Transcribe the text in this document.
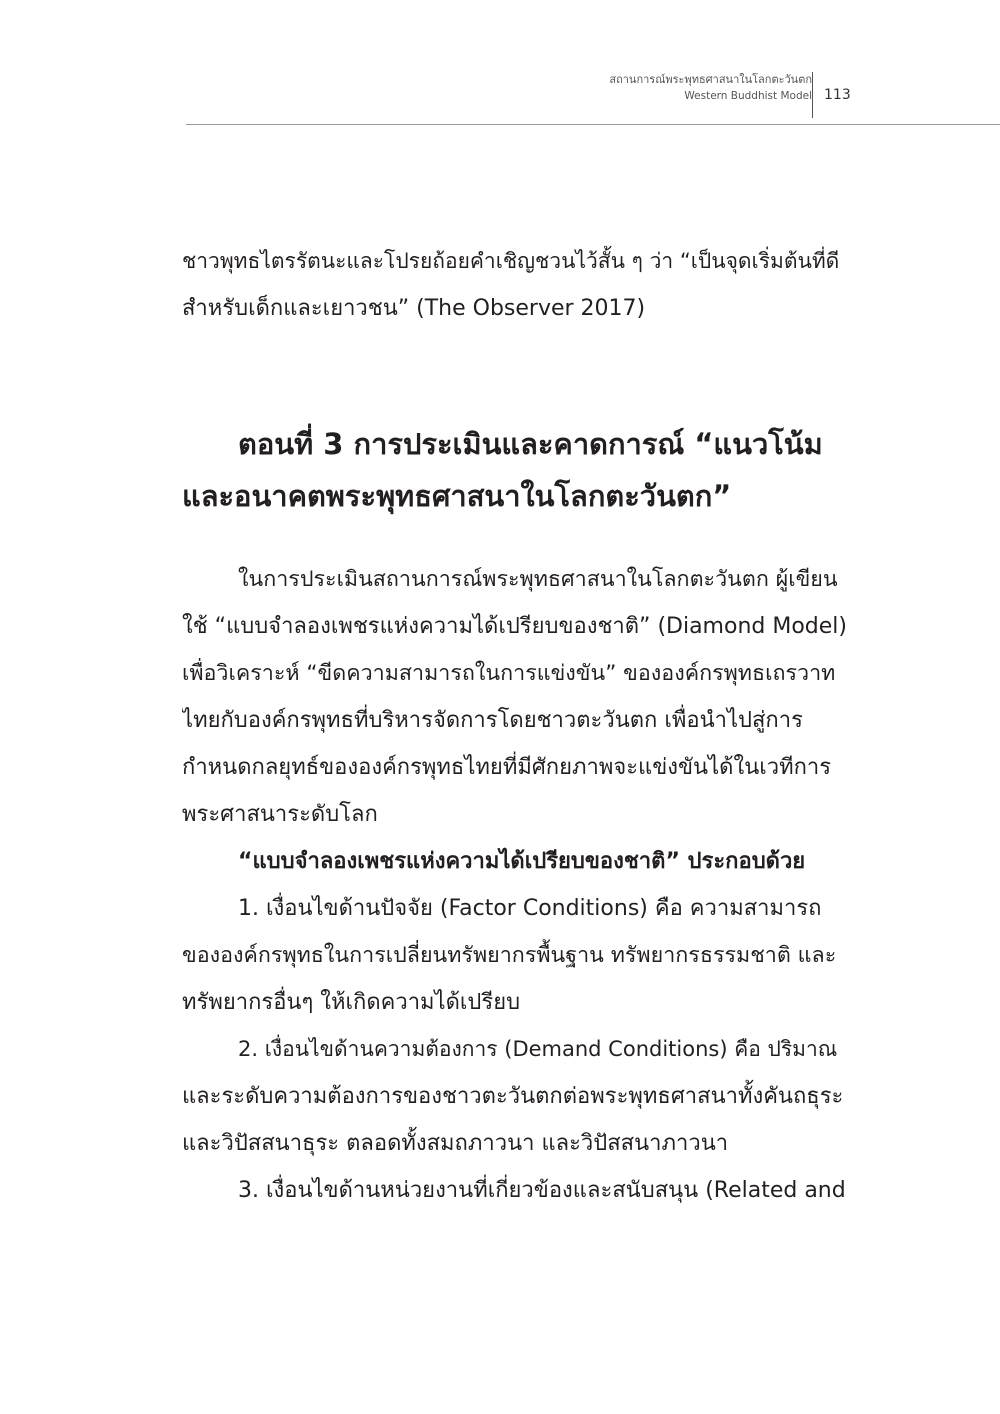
สถานการณ์พระพุทธศาสนาในโลกตะวันตก
Western Buddhist Model 113
ชาวพุทธไตรรัตนะและโปรยถ้อยคำเชิญชวนไว้สั้น ๆ ว่า “เป็นจุดเริ่มต้นที่ดี
สำหรับเด็กและเยาวชน” (The Observer 2017)
ตอนที่ 3 การประเมินและคาดการณ์ “แนวโน้ม
และอนาคตพระพุทธศาสนาในโลกตะวันตก”
ในการประเมินสถานการณ์พระพุทธศาสนาในโลกตะวันตก ผู้เขียน
ใช้ “แบบจำลองเพชรแห่งความได้เปรียบของชาติ” (Diamond Model)
เพื่อวิเคราะห์ “ขีดความสามารถในการแข่งขัน” ขององค์กรพุทธเถรวาท
ไทยกับองค์กรพุทธที่บริหารจัดการโดยชาวตะวันตก เพื่อนำไปสู่การ
กำหนดกลยุทธ์ขององค์กรพุทธไทยที่มีศักยภาพจะแข่งขันได้ในเวทีการ
พระศาสนาระดับโลก
“แบบจำลองเพชรแห่งความได้เปรียบของชาติ” ประกอบด้วย
1. เงื่อนไขด้านปัจจัย (Factor Conditions) คือ ความสามารถ
ขององค์กรพุทธในการเปลี่ยนทรัพยากรพื้นฐาน ทรัพยากรธรรมชาติ และ
ทรัพยากรอื่นๆ ให้เกิดความได้เปรียบ
2. เงื่อนไขด้านความต้องการ (Demand Conditions) คือ ปริมาณ
และระดับความต้องการของชาวตะวันตกต่อพระพุทธศาสนาทั้งคันถธุระ
และวิปัสสนาธุระ ตลอดทั้งสมถภาวนา และวิปัสสนาภาวนา
3. เงื่อนไขด้านหน่วยงานที่เกี่ยวข้องและสนับสนุน (Related and
